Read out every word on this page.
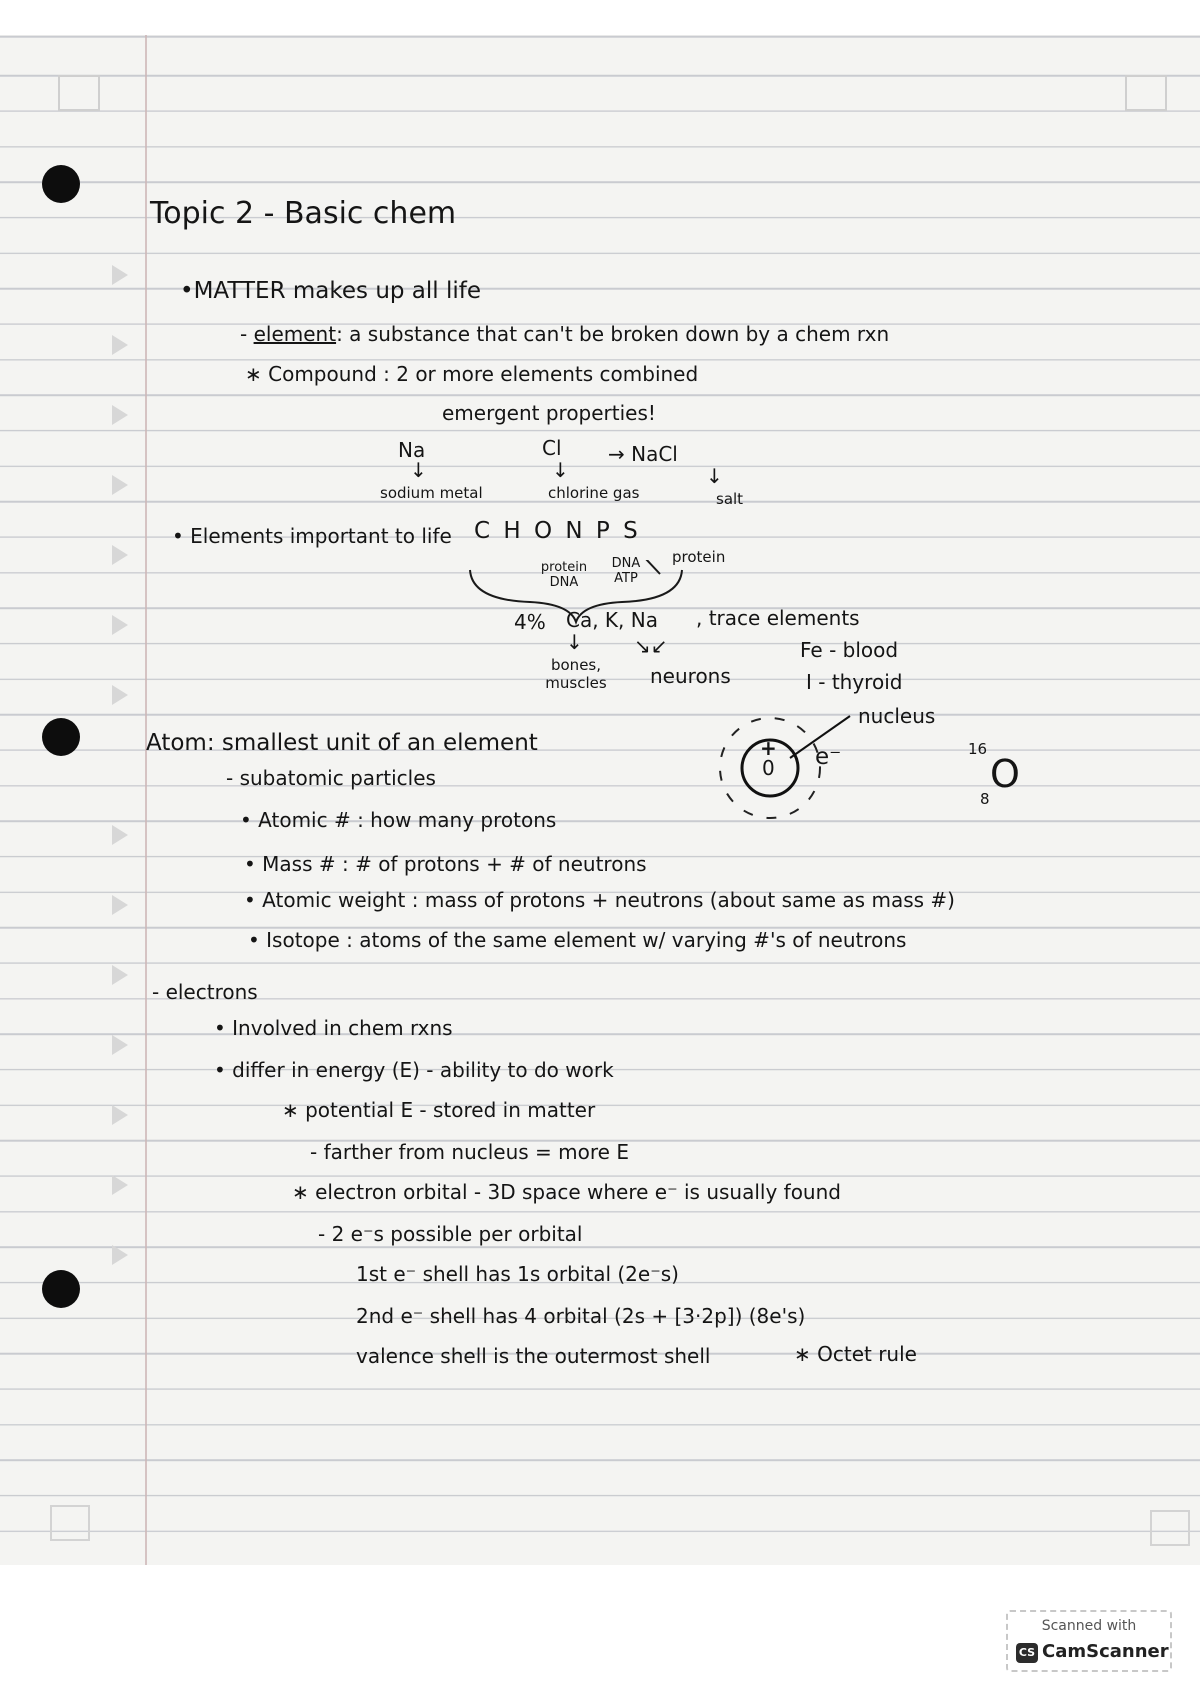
Topic 2 - Basic chem
•MATTER makes up all life
- element: a substance that can't be broken down by a chem rxn
∗ Compound : 2 or more elements combined
emergent properties!
Na	Cl → NaCl
↓	↓	↓
sodium metal	chlorine gas	salt
• Elements important to life C H O N P S
protein DNA
DNA ATP
protein
4% Ca, K, Na , trace elements
↓	↘↙	Fe - blood
bones, muscles	neurons	I - thyroid
Atom: smallest unit of an element	+
0 e⁻
nucleus
16
8
O
- subatomic particles
• Atomic # : how many protons
• Mass # : # of protons + # of neutrons
• Atomic weight : mass of protons + neutrons (about same as mass #)
• Isotope : atoms of the same element w/ varying #'s of neutrons
- electrons
• Involved in chem rxns
• differ in energy (E) - ability to do work
∗ potential E - stored in matter
- farther from nucleus = more E
∗ electron orbital - 3D space where e⁻ is usually found
- 2 e⁻s possible per orbital
1st e⁻ shell has 1s orbital (2e⁻s)
2nd e⁻ shell has 4 orbital (2s + [3·2p]) (8e's)
valence shell is the outermost shell	∗ Octet rule
Scanned with
CS CamScanner
